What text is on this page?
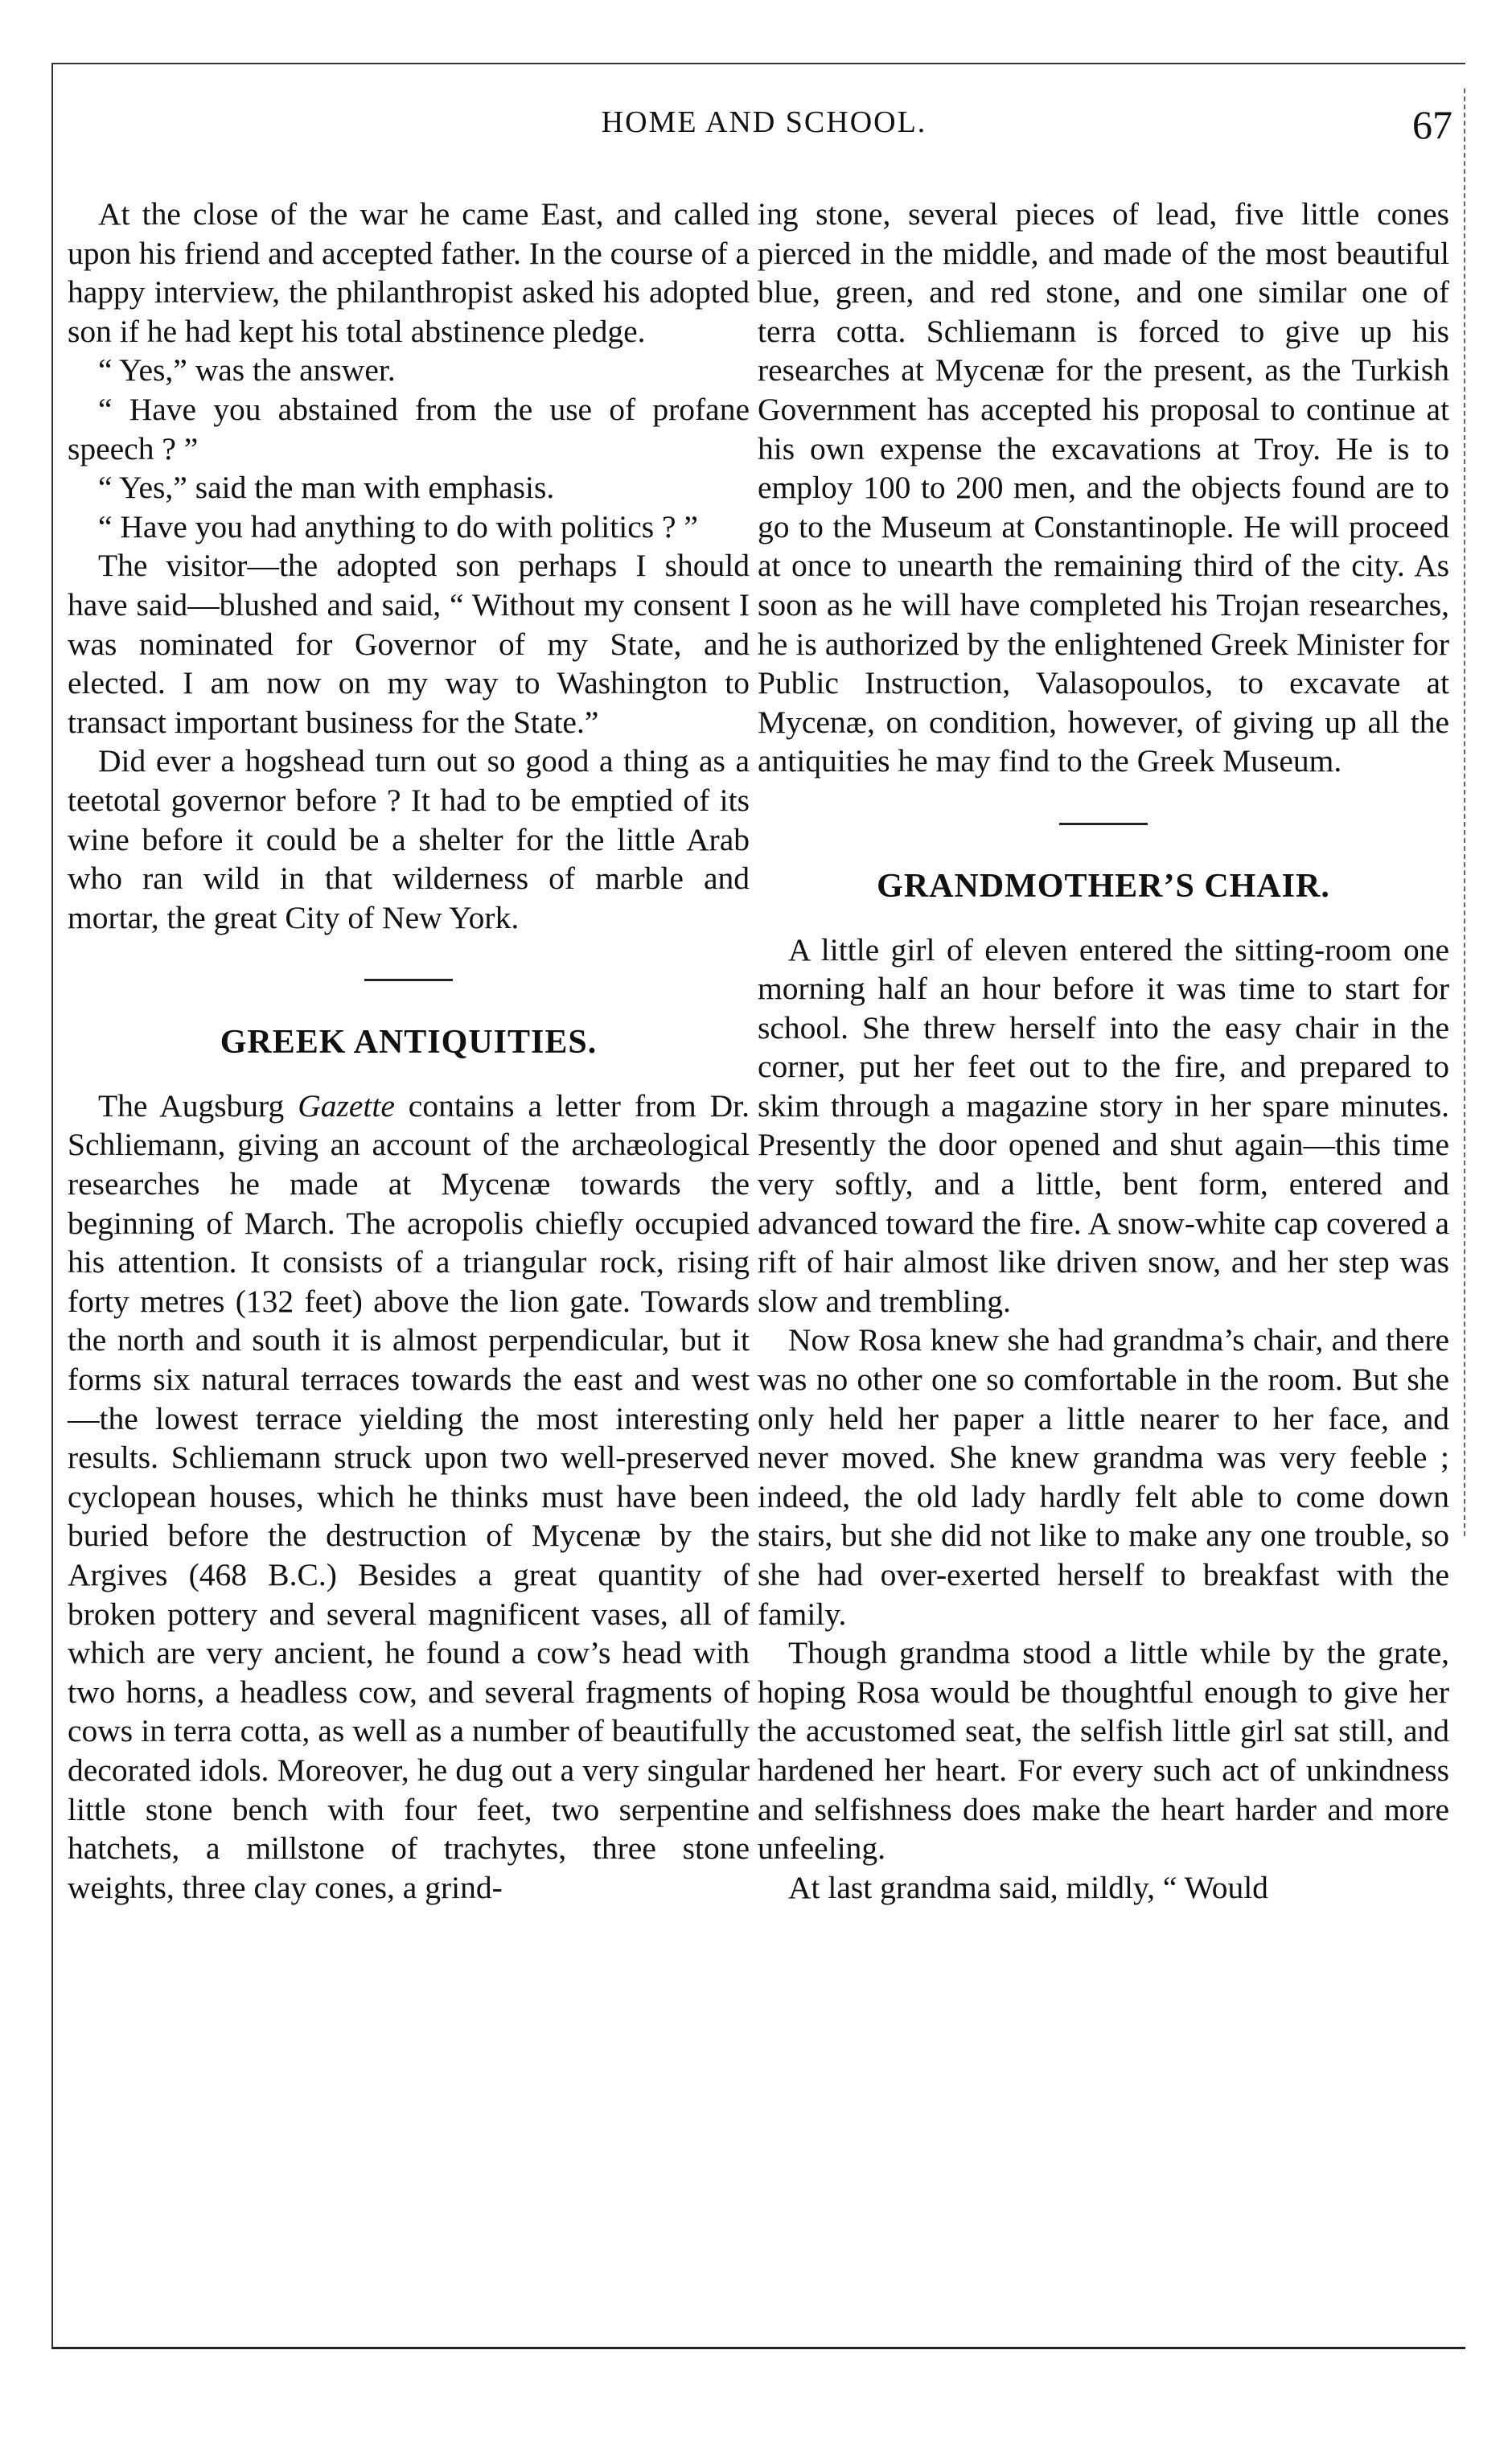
HOME AND SCHOOL.	67

At the close of the war he came East, and called upon his friend and accepted father. In the course of a happy interview, the philanthropist asked his adopted son if he had kept his total abstinence pledge.

“ Yes,” was the answer.

“ Have you abstained from the use of profane speech ? ”

“ Yes,” said the man with emphasis.

“ Have you had anything to do with politics ? ”

The visitor—the adopted son perhaps I should have said—blushed and said, “ Without my consent I was nominated for Governor of my State, and elected. I am now on my way to Washington to transact important business for the State.”

Did ever a hogshead turn out so good a thing as a teetotal governor before ? It had to be emptied of its wine before it could be a shelter for the little Arab who ran wild in that wilderness of marble and mortar, the great City of New York.

GREEK ANTIQUITIES.

The Augsburg Gazette contains a letter from Dr. Schliemann, giving an account of the archæological researches he made at Mycenæ towards the beginning of March. The acropolis chiefly occupied his attention. It consists of a triangular rock, rising forty metres (132 feet) above the lion gate. Towards the north and south it is almost perpendicular, but it forms six natural terraces towards the east and west—the lowest terrace yielding the most interesting results. Schliemann struck upon two well-preserved cyclopean houses, which he thinks must have been buried before the destruction of Mycenæ by the Argives (468 B.C.) Besides a great quantity of broken pottery and several magnificent vases, all of which are very ancient, he found a cow’s head with two horns, a headless cow, and several fragments of cows in terra cotta, as well as a number of beautifully decorated idols. Moreover, he dug out a very singular little stone bench with four feet, two serpentine hatchets, a millstone of trachytes, three stone weights, three clay cones, a grind-

ing stone, several pieces of lead, five little cones pierced in the middle, and made of the most beautiful blue, green, and red stone, and one similar one of terra cotta. Schliemann is forced to give up his researches at Mycenæ for the present, as the Turkish Government has accepted his proposal to continue at his own expense the excavations at Troy. He is to employ 100 to 200 men, and the objects found are to go to the Museum at Constantinople. He will proceed at once to unearth the remaining third of the city. As soon as he will have completed his Trojan researches, he is authorized by the enlightened Greek Minister for Public Instruction, Valasopoulos, to excavate at Mycenæ, on condition, however, of giving up all the antiquities he may find to the Greek Museum.

GRANDMOTHER’S CHAIR.

A little girl of eleven entered the sitting-room one morning half an hour before it was time to start for school. She threw herself into the easy chair in the corner, put her feet out to the fire, and prepared to skim through a magazine story in her spare minutes. Presently the door opened and shut again—this time very softly, and a little, bent form, entered and advanced toward the fire. A snow-white cap covered a rift of hair almost like driven snow, and her step was slow and trembling.

Now Rosa knew she had grandma’s chair, and there was no other one so comfortable in the room. But she only held her paper a little nearer to her face, and never moved. She knew grandma was very feeble ; indeed, the old lady hardly felt able to come down stairs, but she did not like to make any one trouble, so she had over-exerted herself to breakfast with the family.

Though grandma stood a little while by the grate, hoping Rosa would be thoughtful enough to give her the accustomed seat, the selfish little girl sat still, and hardened her heart. For every such act of unkindness and selfishness does make the heart harder and more unfeeling.

At last grandma said, mildly, “ Would
